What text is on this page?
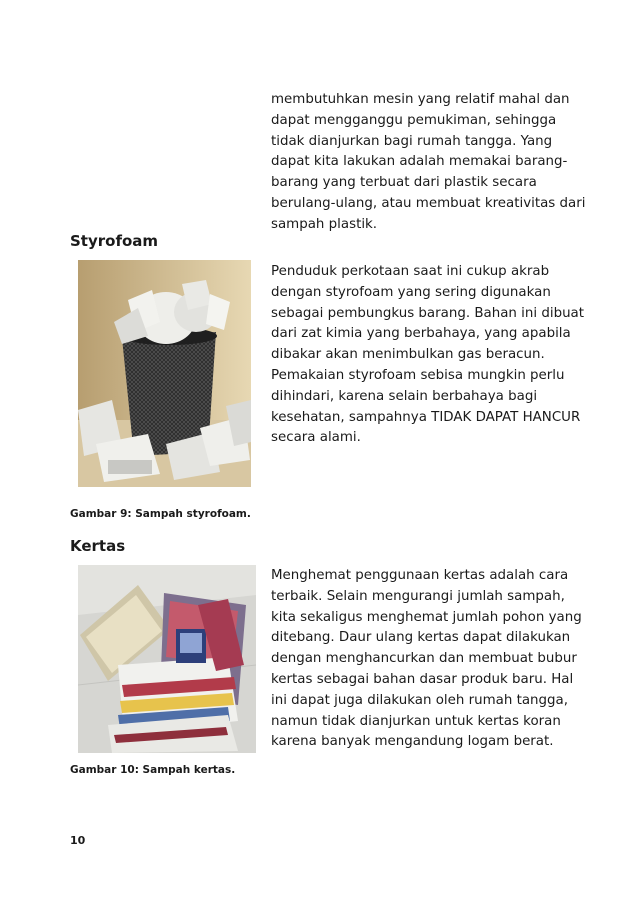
membutuhkan mesin yang relatif mahal dan dapat mengganggu pemukiman, sehingga tidak dianjurkan bagi rumah tangga. Yang dapat kita lakukan adalah memakai barang-barang yang terbuat dari plastik secara berulang-ulang, atau membuat kreativitas dari sampah plastik.

Styrofoam

Gambar 9: Sampah styrofoam.

Penduduk perkotaan saat ini cukup akrab dengan styrofoam yang sering digunakan sebagai pembungkus barang. Bahan ini dibuat dari zat kimia yang berbahaya, yang apabila dibakar akan menimbulkan gas beracun. Pemakaian styrofoam sebisa mungkin perlu dihindari, karena selain berbahaya bagi kesehatan, sampahnya TIDAK DAPAT HANCUR secara alami.

Kertas

Gambar 10: Sampah kertas.

Menghemat penggunaan kertas adalah cara terbaik. Selain mengurangi jumlah sampah, kita sekaligus menghemat jumlah pohon yang ditebang. Daur ulang kertas dapat dilakukan dengan menghancurkan dan membuat bubur kertas sebagai bahan dasar produk baru. Hal ini dapat juga dilakukan oleh rumah tangga, namun tidak dianjurkan untuk kertas koran karena banyak mengandung logam berat.

10
